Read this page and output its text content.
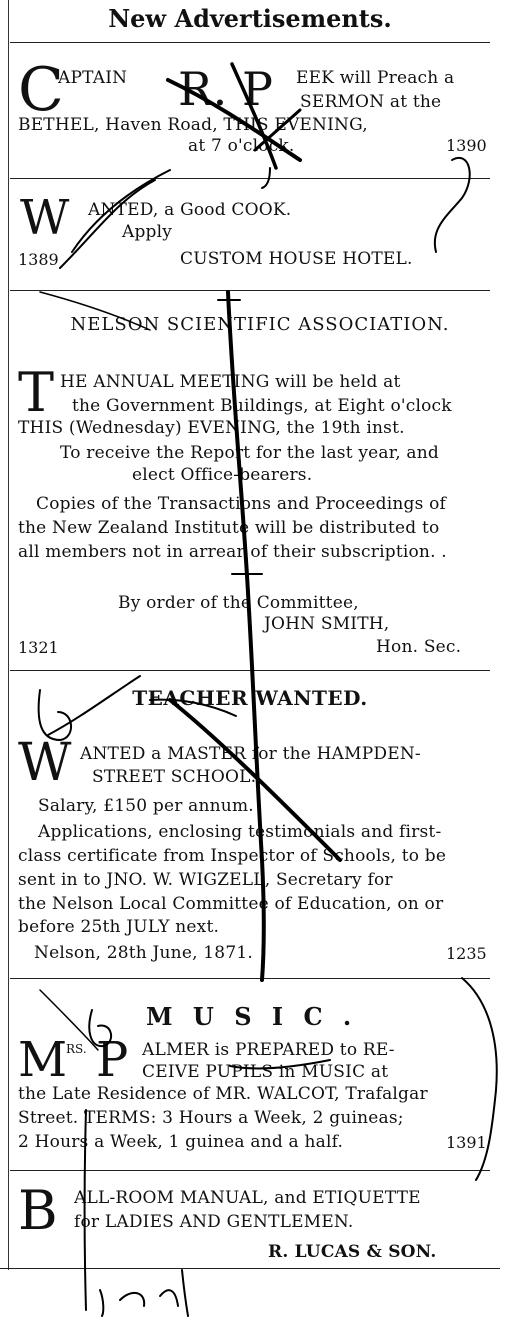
New Advertisements.
C
APTAIN R. P EEK will Preach a
SERMON at the
BETHEL, Haven Road, THIS EVENING,
at 7 o'clock.	1390
W ANTED, a Good COOK.
Apply
1389	CUSTOM HOUSE HOTEL.
NELSON SCIENTIFIC ASSOCIATION.
T HE ANNUAL MEETING will be held at
the Government Buildings, at Eight o'clock
THIS (Wednesday) EVENING, the 19th inst.
To receive the Report for the last year, and
elect Office-bearers.
Copies of the Transactions and Proceedings of
the New Zealand Institute will be distributed to
all members not in arrear of their subscription. .
By order of the Committee,
JOHN SMITH,
1321	Hon. Sec.
TEACHER WANTED.
W ANTED a MASTER for the HAMPDEN-
STREET SCHOOL.
Salary, £150 per annum.
Applications, enclosing testimonials and first-
class certificate from Inspector of Schools, to be
sent in to JNO. W. WIGZELL, Secretary for
the Nelson Local Committee of Education, on or
before 25th JULY next.
Nelson, 28th June, 1871.	1235
M U S I C .
M
RS. P ALMER is PREPARED to RE-
CEIVE PUPILS in MUSIC at
the Late Residence of MR. WALCOT, Trafalgar
Street. TERMS: 3 Hours a Week, 2 guineas;
2 Hours a Week, 1 guinea and a half.	1391
B ALL-ROOM MANUAL, and ETIQUETTE
for LADIES AND GENTLEMEN.
R. LUCAS & SON.
